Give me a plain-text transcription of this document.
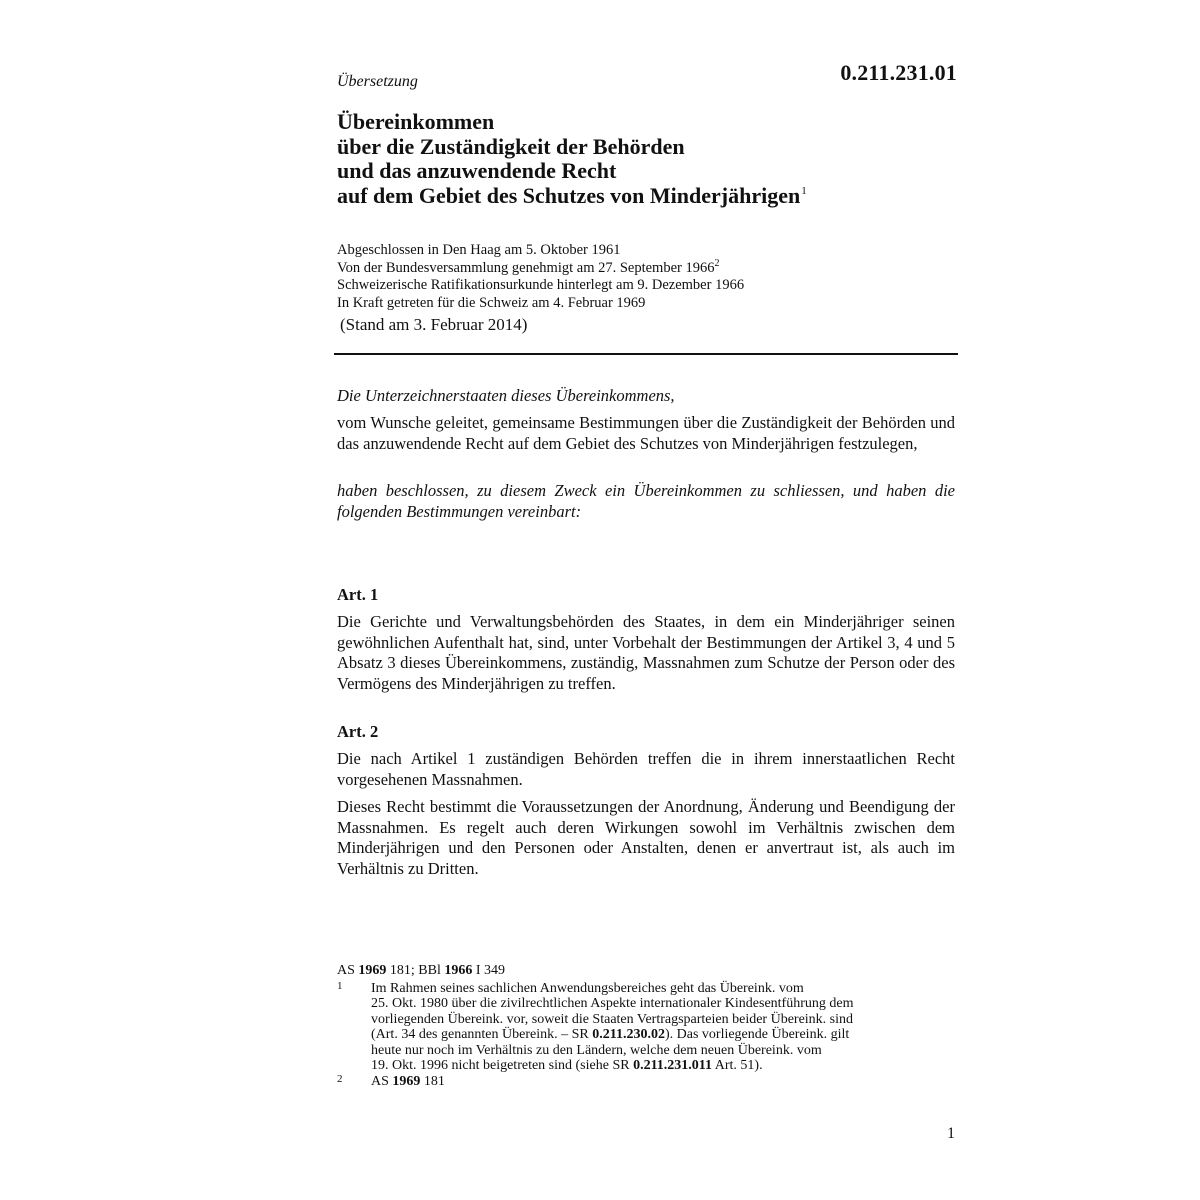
0.211.231.01
Übersetzung
Übereinkommen
über die Zuständigkeit der Behörden
und das anzuwendende Recht
auf dem Gebiet des Schutzes von Minderjährigen$^1$
Abgeschlossen in Den Haag am 5. Oktober 1961
Von der Bundesversammlung genehmigt am 27. September 1966$^2$
Schweizerische Ratifikationsurkunde hinterlegt am 9. Dezember 1966
In Kraft getreten für die Schweiz am 4. Februar 1969
(Stand am 3. Februar 2014)
Die Unterzeichnerstaaten dieses Übereinkommens,
vom Wunsche geleitet, gemeinsame Bestimmungen über die Zuständigkeit der Behörden und das anzuwendende Recht auf dem Gebiet des Schutzes von Minderjährigen festzulegen,
haben beschlossen, zu diesem Zweck ein Übereinkommen zu schliessen, und haben die folgenden Bestimmungen vereinbart:
Art. 1
Die Gerichte und Verwaltungsbehörden des Staates, in dem ein Minderjähriger seinen gewöhnlichen Aufenthalt hat, sind, unter Vorbehalt der Bestimmungen der Artikel 3, 4 und 5 Absatz 3 dieses Übereinkommens, zuständig, Massnahmen zum Schutze der Person oder des Vermögens des Minderjährigen zu treffen.
Art. 2
Die nach Artikel 1 zuständigen Behörden treffen die in ihrem innerstaatlichen Recht vorgesehenen Massnahmen.
Dieses Recht bestimmt die Voraussetzungen der Anordnung, Änderung und Beendigung der Massnahmen. Es regelt auch deren Wirkungen sowohl im Verhältnis zwischen dem Minderjährigen und den Personen oder Anstalten, denen er anvertraut ist, als auch im Verhältnis zu Dritten.
AS 1969 181; BBl 1966 I 349
1 Im Rahmen seines sachlichen Anwendungsbereiches geht das Übereink. vom
25. Okt. 1980 über die zivilrechtlichen Aspekte internationaler Kindesentführung dem
vorliegenden Übereink. vor, soweit die Staaten Vertragsparteien beider Übereink. sind
(Art. 34 des genannten Übereink. – SR 0.211.230.02). Das vorliegende Übereink. gilt
heute nur noch im Verhältnis zu den Ländern, welche dem neuen Übereink. vom
19. Okt. 1996 nicht beigetreten sind (siehe SR 0.211.231.011 Art. 51).
2 AS 1969 181
1
